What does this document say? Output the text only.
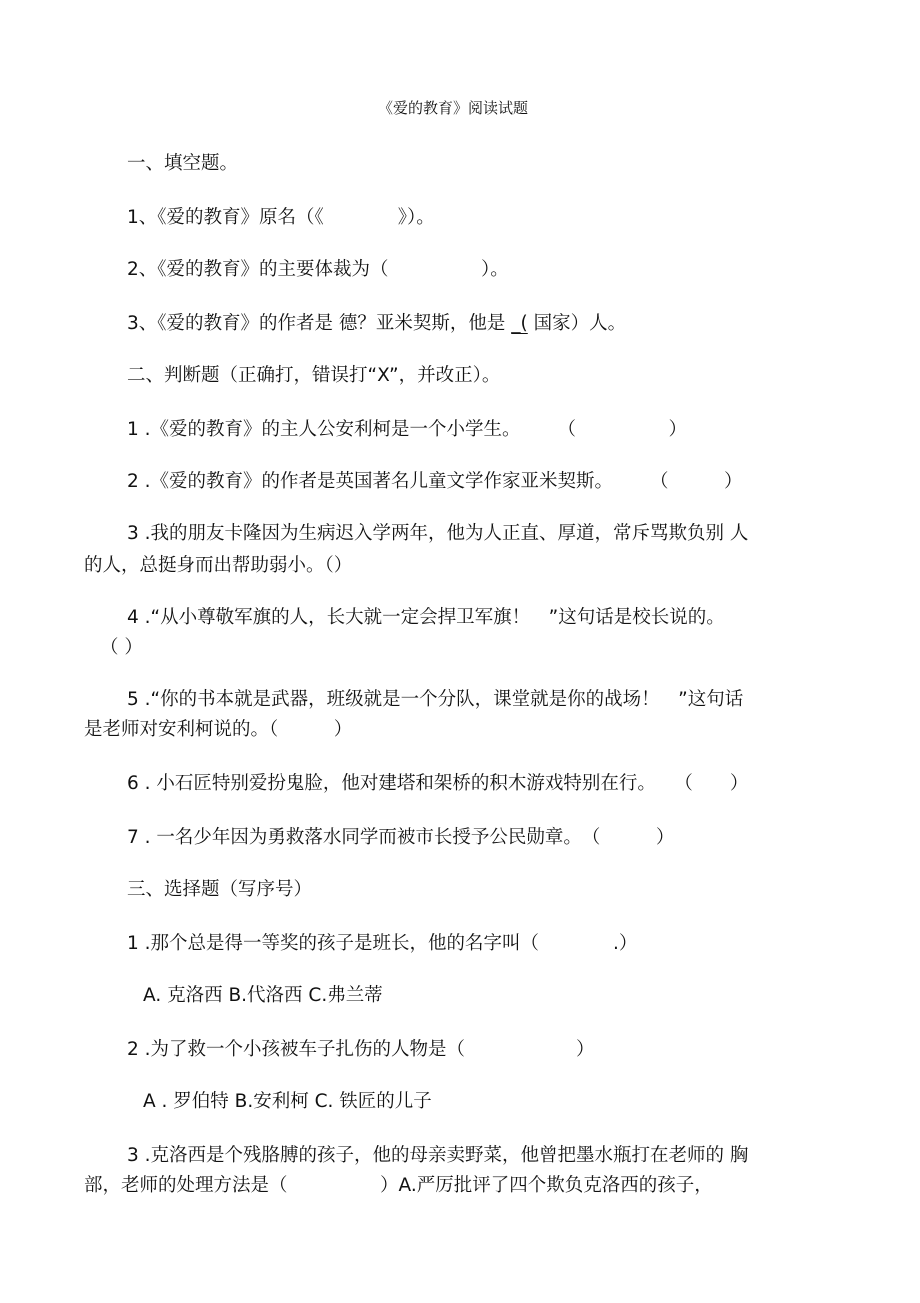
《爱的教育》阅读试题
一、填空题。
1、《爱的教育》原名（《　　　　》）。
2、《爱的教育》的主要体裁为（　　　　　）。
3、《爱的教育》的作者是 德？亚米契斯，他是 _( 国家）人。
二、判断题（正确打，错误打“X”，并改正）。
1 .《爱的教育》的主人公安利柯是一个小学生。　　　（　　　　　）
2 .《爱的教育》的作者是英国著名儿童文学作家亚米契斯。　　　（　　　）
3 .我的朋友卡隆因为生病迟入学两年，他为人正直、厚道，常斥骂欺负别 人
的人，总挺身而出帮助弱小。（）
4 .“从小尊敬军旗的人，长大就一定会捍卫军旗！　”这句话是校长说的。
（ ）
5 .“你的书本就是武器，班级就是一个分队，课堂就是你的战场！　”这句话
是老师对安利柯说的。（　　　）
6 . 小石匠特别爱扮鬼脸，他对建塔和架桥的积木游戏特别在行。　　（　　）
7 . 一名少年因为勇救落水同学而被市长授予公民勋章。　（　　　）
三、选择题（写序号）
1 .那个总是得一等奖的孩子是班长，他的名字叫（　　　　.）
A. 克洛西 B.代洛西 C.弗兰蒂
2 .为了救一个小孩被车子扎伤的人物是（　　　　　　）
A . 罗伯特 B.安利柯 C. 铁匠的儿子
3 .克洛西是个残胳膊的孩子，他的母亲卖野菜，他曾把墨水瓶打在老师的 胸
部，老师的处理方法是（　　　　　）A.严厉批评了四个欺负克洛西的孩子，
